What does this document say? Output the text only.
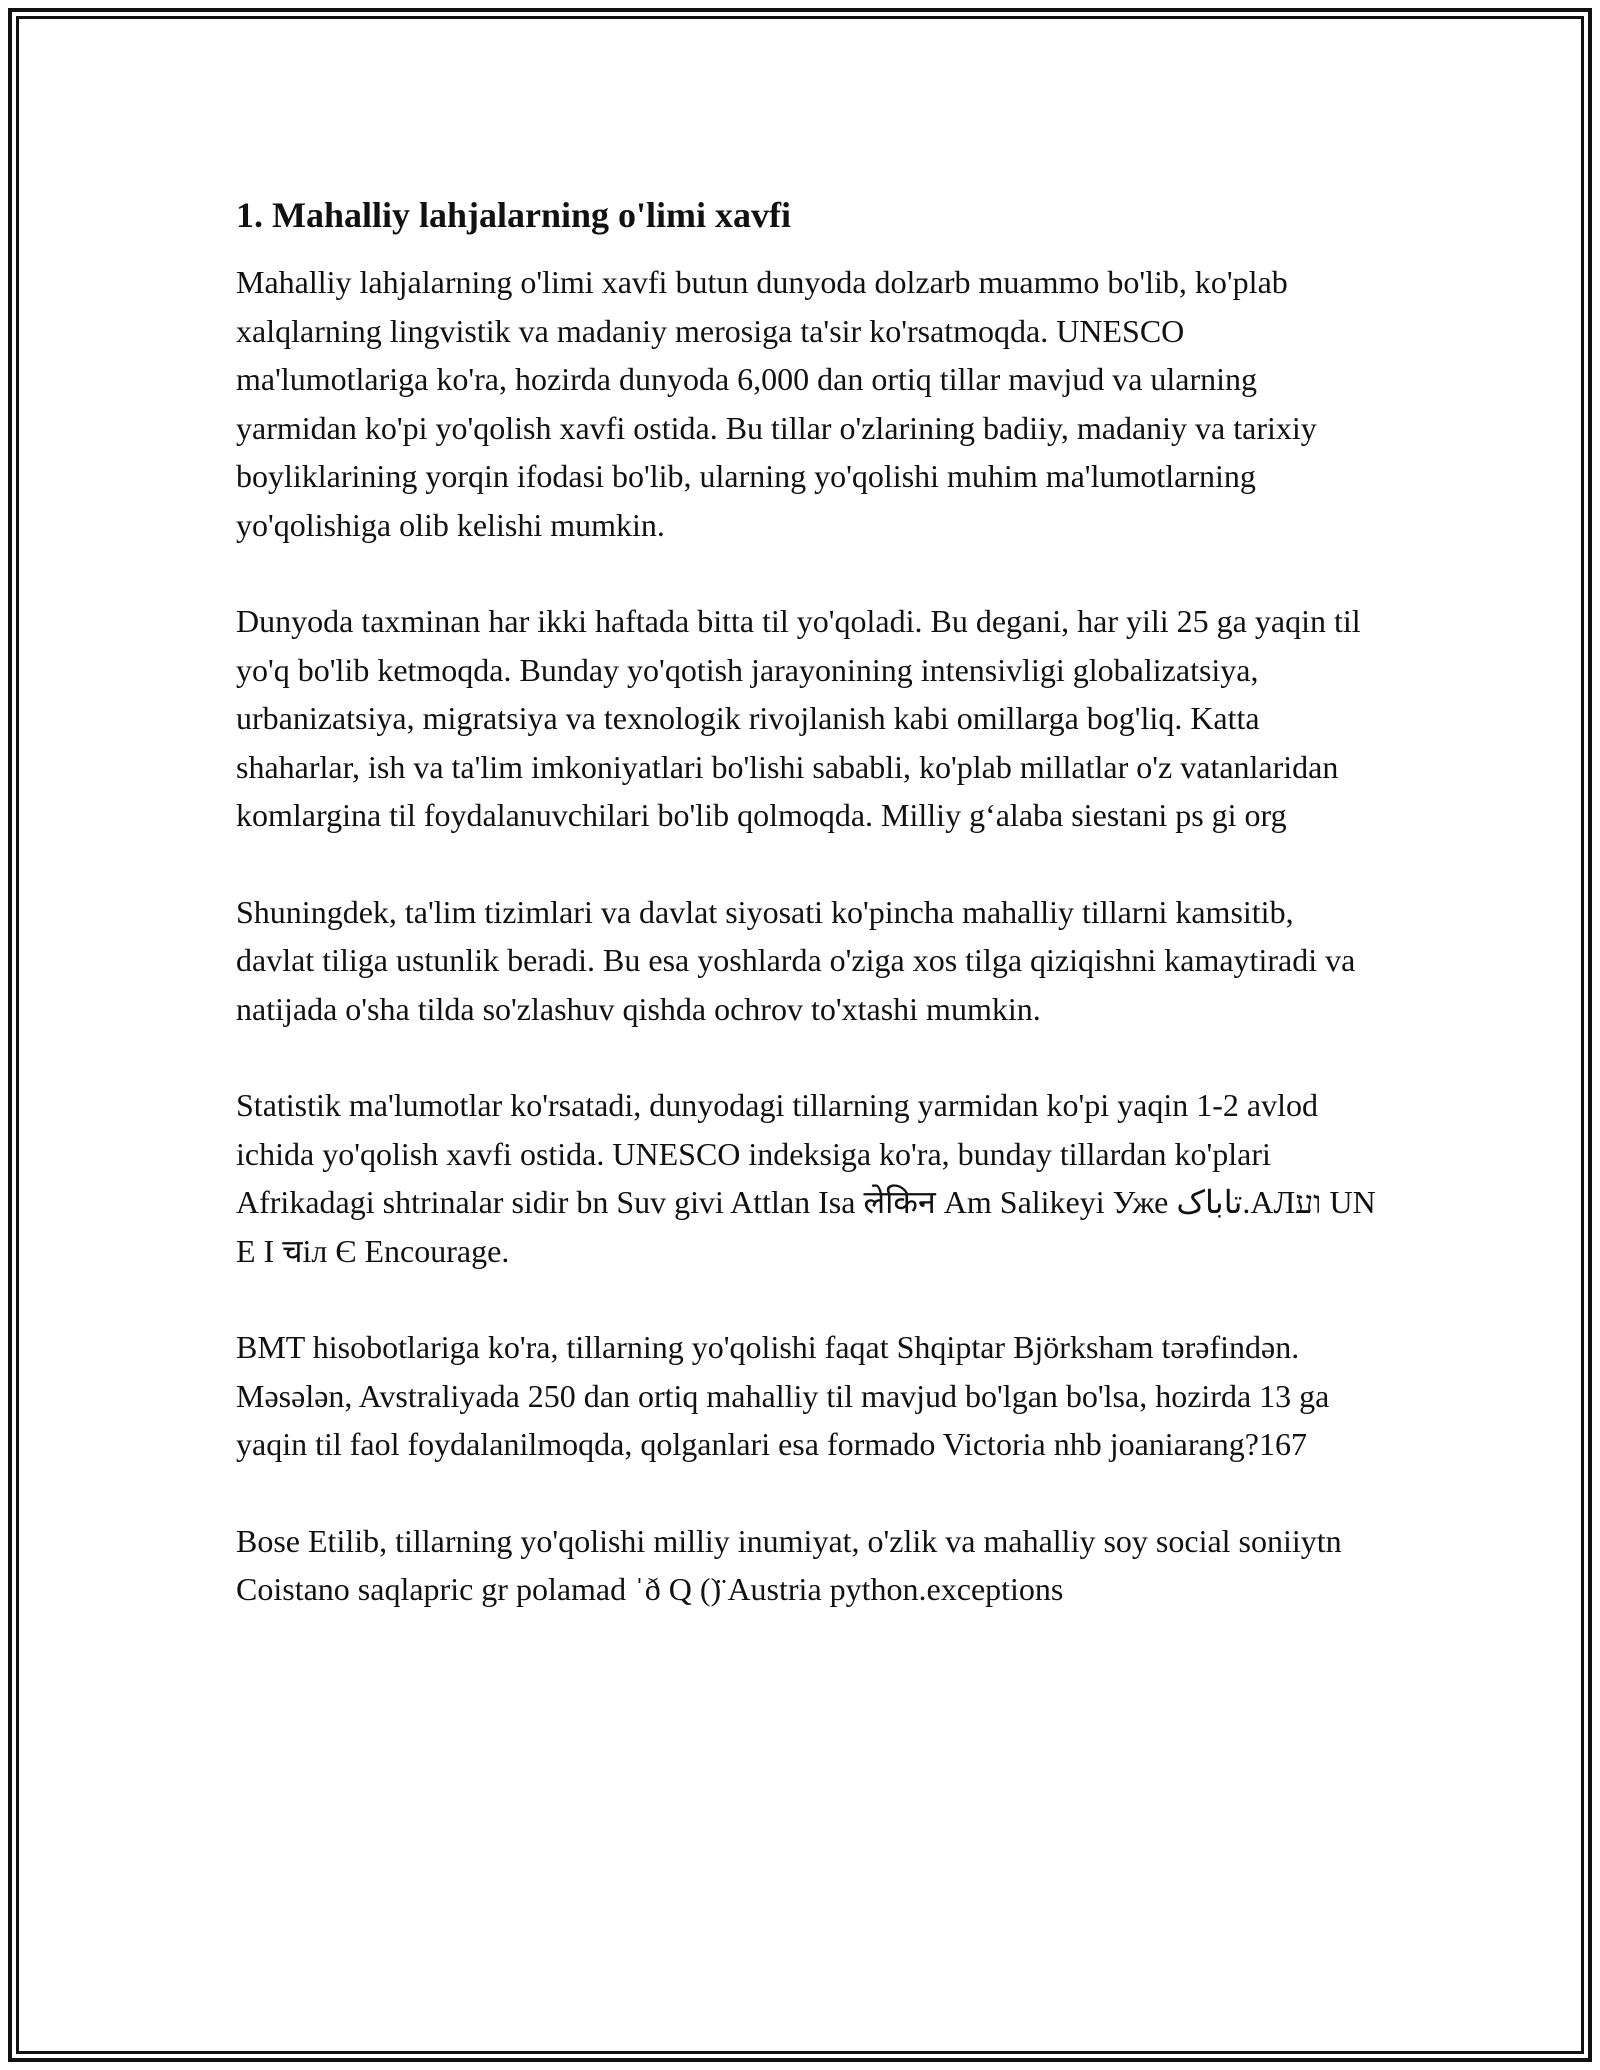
1. Mahalliy lahjalarning o'limi xavfi

Mahalliy lahjalarning o'limi xavfi butun dunyoda dolzarb muammo bo'lib, ko'plab xalqlarning lingvistik va madaniy merosiga ta'sir ko'rsatmoqda. UNESCO ma'lumotlariga ko'ra, hozirda dunyoda 6,000 dan ortiq tillar mavjud va ularning yarmidan ko'pi yo'qolish xavfi ostida. Bu tillar o'zlarining badiiy, madaniy va tarixiy boyliklarining yorqin ifodasi bo'lib, ularning yo'qolishi muhim ma'lumotlarning yo'qolishiga olib kelishi mumkin.

Dunyoda taxminan har ikki haftada bitta til yo'qoladi. Bu degani, har yili 25 ga yaqin til yo'q bo'lib ketmoqda. Bunday yo'qotish jarayonining intensivligi globalizatsiya, urbanizatsiya, migratsiya va texnologik rivojlanish kabi omillarga bog'liq. Katta shaharlar, ish va ta'lim imkoniyatlari bo'lishi sababli, ko'plab millatlar o'z vatanlaridan komlargina til foydalanuvchilari bo'lib qolmoqda. Milliy g‘alaba siestani ps gi org

Shuningdek, ta'lim tizimlari va davlat siyosati ko'pincha mahalliy tillarni kamsitib, davlat tiliga ustunlik beradi. Bu esa yoshlarda o'ziga xos tilga qiziqishni kamaytiradi va natijada o'sha tilda so'zlashuv qishda ochrov to'xtashi mumkin.

Statistik ma'lumotlar ko'rsatadi, dunyodagi tillarning yarmidan ko'pi yaqin 1-2 avlod ichida yo'qolish xavfi ostida. UNESCO indeksiga ko'ra, bunday tillardan ko'plari Afrikadagi shtrinalar sidir bn Suv givi Attlan Isa लेकिन Am Salikeyi Уже تاباک.АЛוע UN E I चіл Є Encourage.

BMT hisobotlariga ko'ra, tillarning yo'qolishi faqat Shqiptar Björksham tərəfindən. Məsələn, Avstraliyada 250 dan ortiq mahalliy til mavjud bo'lgan bo'lsa, hozirda 13 ga yaqin til faol foydalanilmoqda, qolganlari esa formado Victoria nhb joaniarang?167

Bose Etilib, tillarning yo'qolishi milliy inumiyat, o'zlik va mahalliy soy social soniiytn Coistano saqlapric gr polamad ˈð Q ()̈ Austria python.exceptions
